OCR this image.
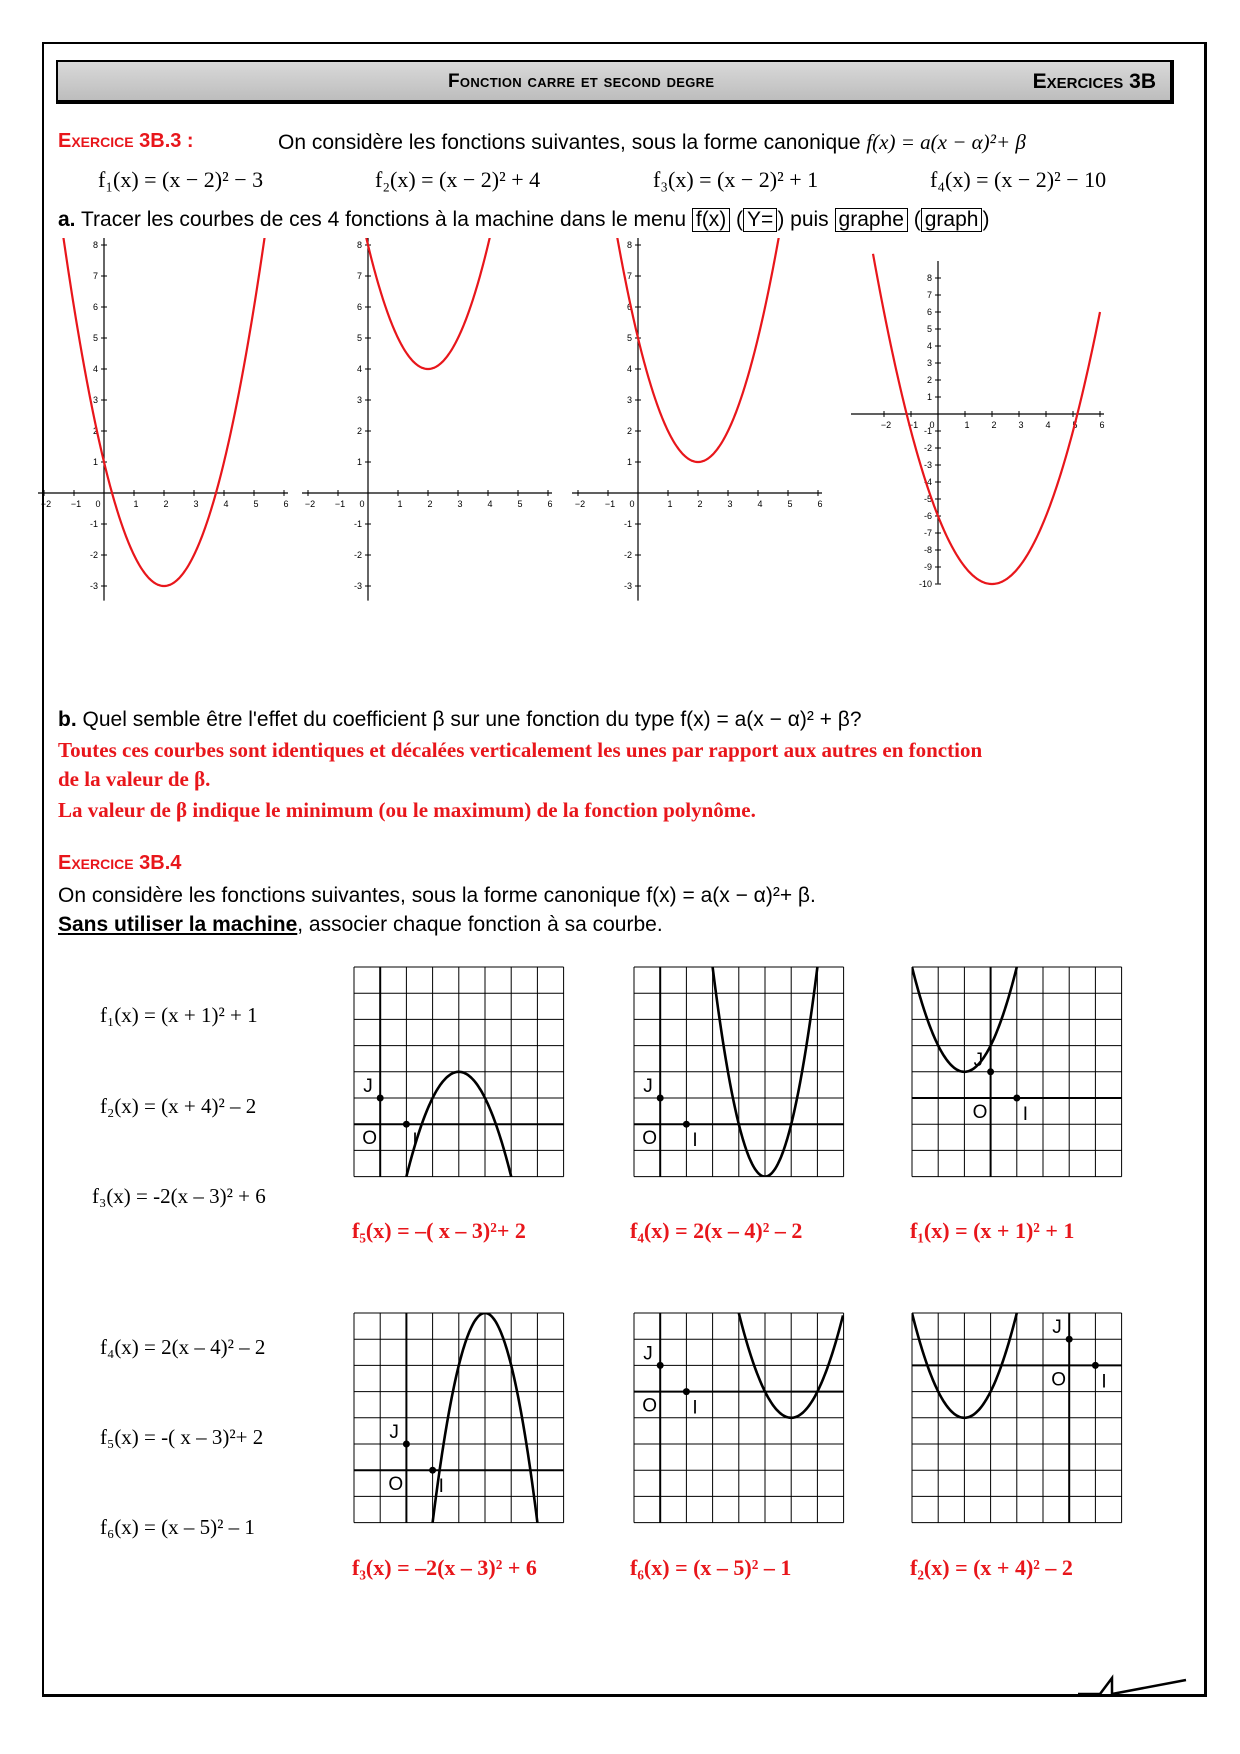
Fonction carre et second degre	Exercices 3B
Exercice 3B.3 :	On considère les fonctions suivantes, sous la forme canonique f(x) = a(x − α)²+ β
f₁(x) = (x − 2)² − 3	f₂(x) = (x − 2)² + 4	f₃(x) = (x − 2)² + 1	f₄(x) = (x − 2)² − 10
a. Tracer les courbes de ces 4 fonctions à la machine dans le menu f(x) ( Y= ) puis graphe ( graph )
−2 −1 0	1	2	3	4	5	6
8
7
6
5
4
3
2
1
-1
-2
-3
−2 −1 0	1	2	3	4	5	6
8
7
6
5
4
3
2
1
-1
-2
-3
−2 −1 0	1	2	3	4	5	6
8
7
6
5
4
3
2
1
-1
-2
-3
−2 −1 0	1 2 3 4 5 6
8
7
6
5
4
3
2
1
-1
-2
-3
-4
-5
-6
-7
-8
-9
-10
b. Quel semble être l'effet du coefficient β sur une fonction du type f(x) = a(x − α)² + β?
Toutes ces courbes sont identiques et décalées verticalement les unes par rapport aux autres en fonction
de la valeur de β.
La valeur de β indique le minimum (ou le maximum) de la fonction polynôme.
Exercice 3B.4
On considère les fonctions suivantes, sous la forme canonique f(x) = a(x − α)²+ β.
Sans utiliser la machine, associer chaque fonction à sa courbe.
f₁(x) = (x + 1)² + 1
f₂(x) = (x + 4)² – 2
f₃(x) = -2(x – 3)² + 6
f₄(x) = 2(x – 4)² – 2
f₅(x) = -( x – 3)²+ 2
f₆(x) = (x – 5)² – 1
J
O I
J
O I
J
O I
J
O I
J
O I
J
O I
f₅(x) = –( x – 3)²+ 2	f₄(x) = 2(x – 4)² – 2	f₁(x) = (x + 1)² + 1
f₃(x) = –2(x – 3)² + 6	f₆(x) = (x – 5)² – 1	f₂(x) = (x + 4)² – 2
